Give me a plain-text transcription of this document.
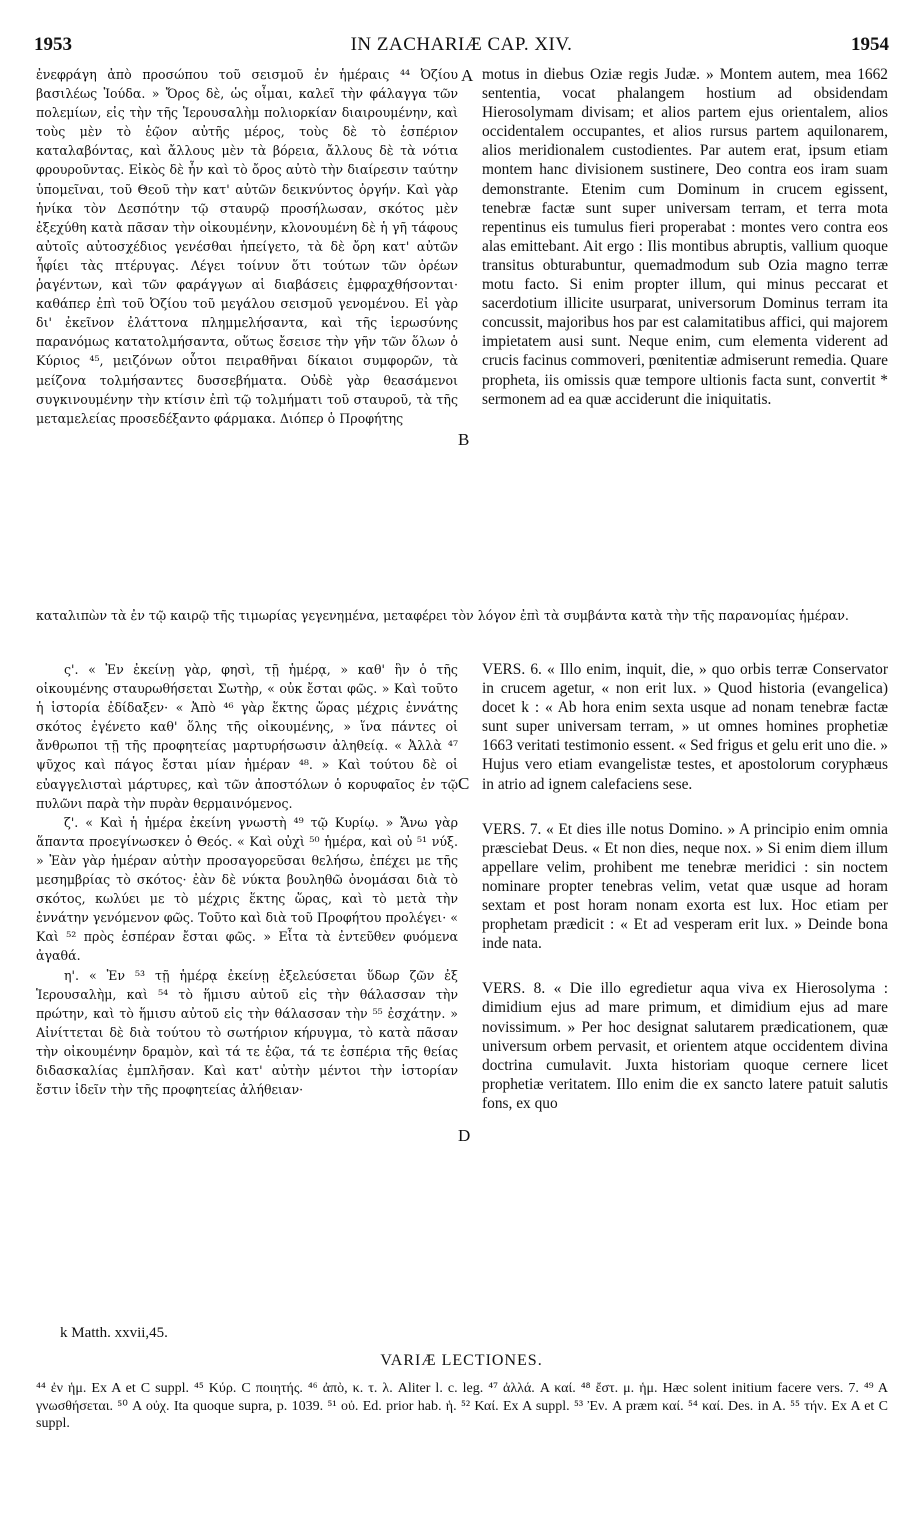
1953	IN ZACHARIÆ CAP. XIV.	1954

ἐνεφράγη ἀπὸ προσώπου τοῦ σεισμοῦ ἐν ἡμέραις ⁴⁴ Ὀζίου βασιλέως Ἰούδα. » Ὄρος δὲ, ὡς οἶμαι, καλεῖ τὴν φάλαγγα τῶν πολεμίων, εἰς τὴν τῆς Ἱερουσαλὴμ πολιορκίαν διαιρουμένην, καὶ τοὺς μὲν τὸ ἑῷον αὐτῆς μέρος, τοὺς δὲ τὸ ἑσπέριον καταλαβόντας, καὶ ἄλλους μὲν τὰ βόρεια, ἄλλους δὲ τὰ νότια φρουροῦντας. Εἰκὸς δὲ ἦν καὶ τὸ ὄρος αὐτὸ τὴν διαίρεσιν ταύτην ὑπομεῖναι, τοῦ Θεοῦ τὴν κατ' αὐτῶν δεικνύντος ὀργήν. Καὶ γὰρ ἡνίκα τὸν Δεσπότην τῷ σταυρῷ προσήλωσαν, σκότος μὲν ἐξεχύθη κατὰ πᾶσαν τὴν οἰκουμένην, κλονουμένη δὲ ἡ γῆ τάφους αὐτοῖς αὐτοσχέδιος γενέσθαι ἠπείγετο, τὰ δὲ ὄρη κατ' αὐτῶν ἧφίει τὰς πτέρυγας. Λέγει τοίνυν ὅτι τούτων τῶν ὀρέων ῥαγέντων, καὶ τῶν φαράγγων αἱ διαβάσεις ἐμφραχθήσονται· καθάπερ ἐπὶ τοῦ Ὀζίου τοῦ μεγάλου σεισμοῦ γενομένου. Εἰ γὰρ δι' ἐκεῖνον ἐλάττονα πλημμελήσαντα, καὶ τῆς ἱερωσύνης παρανόμως κατατολμήσαντα, οὕτως ἔσεισε τὴν γῆν τῶν ὅλων ὁ Κύριος ⁴⁵, μειζόνων οὗτοι πειραθῆναι δίκαιοι συμφορῶν, τὰ μείζονα τολμήσαντες δυσσεβήματα. Οὐδὲ γὰρ θεασάμενοι συγκινουμένην τὴν κτίσιν ἐπὶ τῷ τολμήματι τοῦ σταυροῦ, τὰ τῆς μεταμελείας προσεδέξαντο φάρμακα. Διόπερ ὁ Προφήτης

motus in diebus Oziæ regis Judæ. » Montem autem, mea 1662 sententia, vocat phalangem hostium ad obsidendam Hierosolymam divisam; et alios partem ejus orientalem, alios occidentalem occupantes, et alios rursus partem aquilonarem, alios meridionalem custodientes. Par autem erat, ipsum etiam montem hanc divisionem sustinere, Deo contra eos iram suam demonstrante. Etenim cum Dominum in crucem egissent, tenebræ factæ sunt super universam terram, et terra mota repentinus eis tumulus fieri properabat : montes vero contra eos alas emittebant. Ait ergo : Ilis montibus abruptis, vallium quoque transitus obturabuntur, quemadmodum sub Ozia magno terræ motu facto. Si enim propter illum, qui minus peccarat et sacerdotium illicite usurparat, universorum Dominus terram ita concussit, majoribus hos par est calamitatibus affici, qui majorem impietatem ausi sunt. Neque enim, cum elementa viderent ad crucis facinus commoveri, pœnitentiæ admiserunt remedia. Quare propheta, iis omissis quæ tempore ultionis facta sunt, convertit * sermonem ad ea quæ acciderunt die iniquitatis.

A
B
C
D

καταλιπὼν τὰ ἐν τῷ καιρῷ τῆς τιμωρίας γεγενημένα, μεταφέρει τὸν λόγον ἐπὶ τὰ συμβάντα κατὰ τὴν τῆς παρανομίας ἡμέραν.

ς'. « Ἐν ἐκείνῃ γὰρ, φησὶ, τῇ ἡμέρᾳ, » καθ' ἣν ὁ τῆς οἰκουμένης σταυρωθήσεται Σωτὴρ, « οὐκ ἔσται φῶς. » Καὶ τοῦτο ἡ ἱστορία ἐδίδαξεν· « Ἀπὸ ⁴⁶ γὰρ ἕκτης ὥρας μέχρις ἐννάτης σκότος ἐγένετο καθ' ὅλης τῆς οἰκουμένης, » ἵνα πάντες οἱ ἄνθρωποι τῇ τῆς προφητείας μαρτυρήσωσιν ἀληθείᾳ. « Ἀλλὰ ⁴⁷ ψῦχος καὶ πάγος ἔσται μίαν ἡμέραν ⁴⁸. » Καὶ τούτου δὲ οἱ εὐαγγελισταὶ μάρτυρες, καὶ τῶν ἀποστόλων ὁ κορυφαῖος ἐν τῷ πυλῶνι παρὰ τὴν πυρὰν θερμαινόμενος.

ζ'. « Καὶ ἡ ἡμέρα ἐκείνη γνωστὴ ⁴⁹ τῷ Κυρίῳ. » Ἄνω γὰρ ἅπαντα προεγίνωσκεν ὁ Θεός. « Καὶ οὐχὶ ⁵⁰ ἡμέρα, καὶ οὐ ⁵¹ νύξ. » Ἐὰν γὰρ ἡμέραν αὐτὴν προσαγορεῦσαι θελήσω, ἐπέχει με τῆς μεσημβρίας τὸ σκότος· ἐὰν δὲ νύκτα βουληθῶ ὀνομάσαι διὰ τὸ σκότος, κωλύει με τὸ μέχρις ἕκτης ὥρας, καὶ τὸ μετὰ τὴν ἐννάτην γενόμενον φῶς. Τοῦτο καὶ διὰ τοῦ Προφήτου προλέγει· « Καὶ ⁵² πρὸς ἑσπέραν ἔσται φῶς. » Εἶτα τὰ ἐντεῦθεν φυόμενα ἀγαθά.

η'. « Ἐν ⁵³ τῇ ἡμέρᾳ ἐκείνῃ ἐξελεύσεται ὕδωρ ζῶν ἐξ Ἱερουσαλὴμ, καὶ ⁵⁴ τὸ ἥμισυ αὐτοῦ εἰς τὴν θάλασσαν τὴν πρώτην, καὶ τὸ ἥμισυ αὐτοῦ εἰς τὴν θάλασσαν τὴν ⁵⁵ ἐσχάτην. » Αἰνίττεται δὲ διὰ τούτου τὸ σωτήριον κήρυγμα, τὸ κατὰ πᾶσαν τὴν οἰκουμένην δραμὸν, καὶ τά τε ἑῷα, τά τε ἑσπέρια τῆς θείας διδασκαλίας ἐμπλῆσαν. Καὶ κατ' αὐτὴν μέντοι τὴν ἱστορίαν ἔστιν ἰδεῖν τὴν τῆς προφητείας ἀλήθειαν·

VERS. 6. « Illo enim, inquit, die, » quo orbis terræ Conservator in crucem agetur, « non erit lux. » Quod historia (evangelica) docet k : « Ab hora enim sexta usque ad nonam tenebræ factæ sunt super universam terram, » ut omnes homines prophetiæ 1663 veritati testimonio essent. « Sed frigus et gelu erit uno die. » Hujus vero etiam evangelistæ testes, et apostolorum coryphæus in atrio ad ignem calefaciens sese.

VERS. 7. « Et dies ille notus Domino. » A principio enim omnia præsciebat Deus. « Et non dies, neque nox. » Si enim diem illum appellare velim, prohibent me tenebræ meridici : sin noctem nominare propter tenebras velim, vetat quæ usque ad horam sextam et post horam nonam exorta est lux. Hoc etiam per prophetam prædicit : « Et ad vesperam erit lux. » Deinde bona inde nata.

VERS. 8. « Die illo egredietur aqua viva ex Hierosolyma : dimidium ejus ad mare primum, et dimidium ejus ad mare novissimum. » Per hoc designat salutarem prædicationem, quæ universum orbem pervasit, et orientem atque occidentem divina doctrina cumulavit. Juxta historiam quoque cernere licet prophetiæ veritatem. Illo enim die ex sancto latere patuit salutis fons, ex quo

k Matth. xxvii,45.
VARIÆ LECTIONES.
⁴⁴ ἐν ἡμ. Ex A et C suppl. ⁴⁵ Κύρ. C ποιητής. ⁴⁶ ἀπὸ, κ. τ. λ. Aliter l. c. leg. ⁴⁷ ἀλλά. A καί. ⁴⁸ ἔστ. μ. ἡμ. Hæc solent initium facere vers. 7. ⁴⁹ A γνωσθήσεται. ⁵⁰ A οὐχ. Ita quoque supra, p. 1039. ⁵¹ οὐ. Ed. prior hab. ἡ. ⁵² Καί. Ex A suppl. ⁵³ Ἐν. A præm καί. ⁵⁴ καί. Des. in A. ⁵⁵ τήν. Ex A et C suppl.
